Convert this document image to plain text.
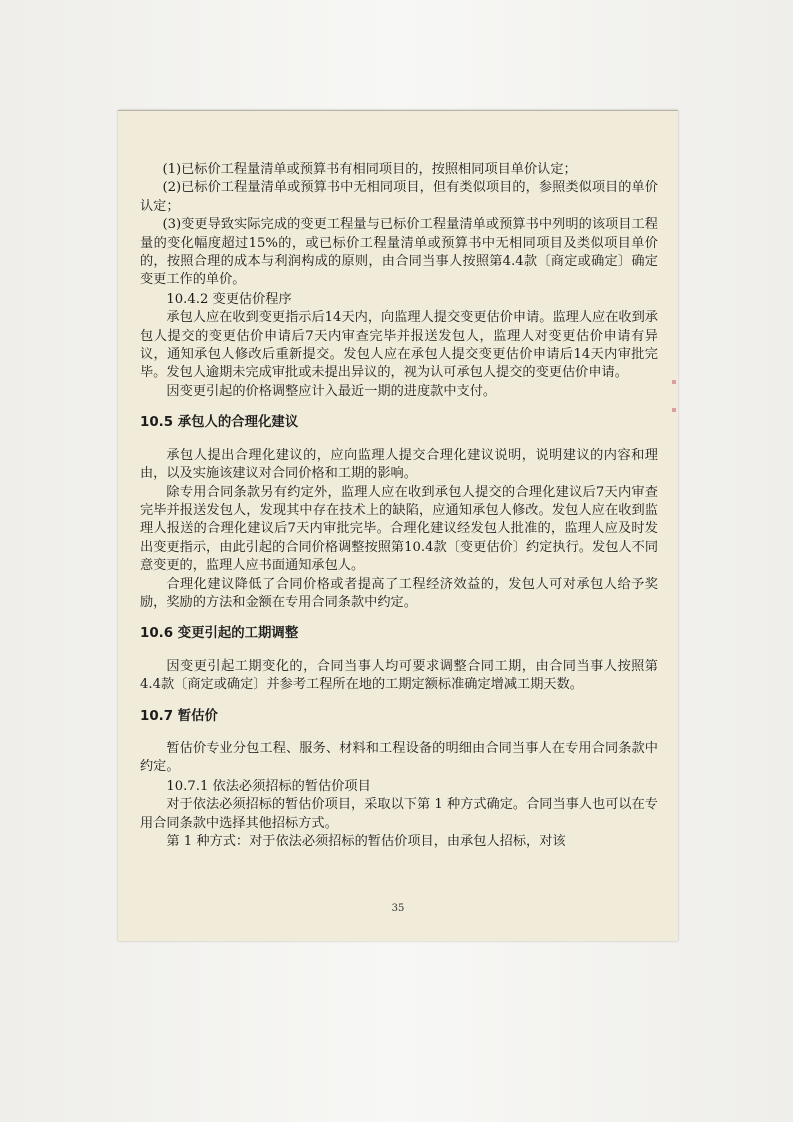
(1)已标价工程量清单或预算书有相同项目的，按照相同项目单价认定；

(2)已标价工程量清单或预算书中无相同项目，但有类似项目的，参照类似项目的单价认定；

(3)变更导致实际完成的变更工程量与已标价工程量清单或预算书中列明的该项目工程量的变化幅度超过15%的，或已标价工程量清单或预算书中无相同项目及类似项目单价的，按照合理的成本与利润构成的原则，由合同当事人按照第4.4款〔商定或确定〕确定变更工作的单价。

10.4.2 变更估价程序

承包人应在收到变更指示后14天内，向监理人提交变更估价申请。监理人应在收到承包人提交的变更估价申请后7天内审查完毕并报送发包人，监理人对变更估价申请有异议，通知承包人修改后重新提交。发包人应在承包人提交变更估价申请后14天内审批完毕。发包人逾期未完成审批或未提出异议的，视为认可承包人提交的变更估价申请。

因变更引起的价格调整应计入最近一期的进度款中支付。

10.5 承包人的合理化建议

承包人提出合理化建议的，应向监理人提交合理化建议说明，说明建议的内容和理由，以及实施该建议对合同价格和工期的影响。

除专用合同条款另有约定外，监理人应在收到承包人提交的合理化建议后7天内审查完毕并报送发包人，发现其中存在技术上的缺陷，应通知承包人修改。发包人应在收到监理人报送的合理化建议后7天内审批完毕。合理化建议经发包人批准的，监理人应及时发出变更指示，由此引起的合同价格调整按照第10.4款〔变更估价〕约定执行。发包人不同意变更的，监理人应书面通知承包人。

合理化建议降低了合同价格或者提高了工程经济效益的，发包人可对承包人给予奖励，奖励的方法和金额在专用合同条款中约定。

10.6 变更引起的工期调整

因变更引起工期变化的，合同当事人均可要求调整合同工期，由合同当事人按照第4.4款〔商定或确定〕并参考工程所在地的工期定额标准确定增减工期天数。

10.7 暂估价

暂估价专业分包工程、服务、材料和工程设备的明细由合同当事人在专用合同条款中约定。

10.7.1 依法必须招标的暂估价项目

对于依法必须招标的暂估价项目，采取以下第 1 种方式确定。合同当事人也可以在专用合同条款中选择其他招标方式。

第 1 种方式：对于依法必须招标的暂估价项目，由承包人招标，对该

35
